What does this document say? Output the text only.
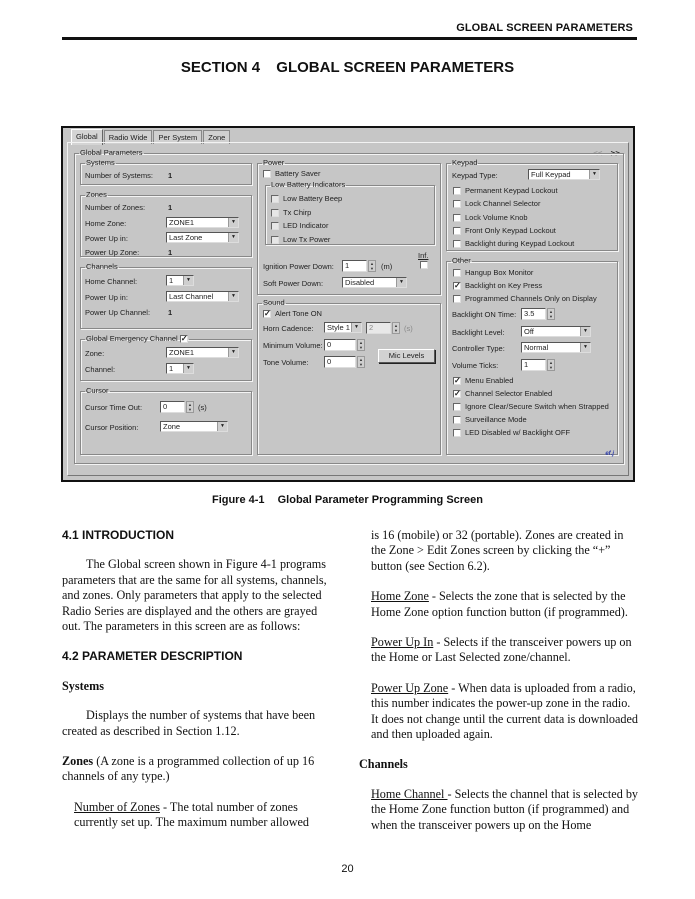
GLOBAL SCREEN PARAMETERS
SECTION 4 GLOBAL SCREEN PARAMETERS
Global	Radio Wide	Per System	Zone
<< >>
Global Parameters
Systems
Number of Systems: 1
Zones
Number of Zones:	1
Home Zone:	ZONE1	▼
Power Up in:	Last Zone	▼
Power Up Zone:	1
Channels
Home Channel:	1	▼
Power Up in:	Last Channel	▼
Power Up Channel: 1
Global Emergency Channel ✓
Zone:	ZONE1	▼
Channel:	1	▼
Cursor
Cursor Time Out:	0	▲
▼ (s)
Cursor Position:	Zone	▼
Power
Battery Saver
Low Battery Indicators
Low Battery Beep
Tx Chirp
LED Indicator
Low Tx Power
Inf.
Ignition Power Down:	1	▲
▼ (m)
Soft Power Down:	Disabled	▼
Sound
✓ Alert Tone ON
Horn Cadence:	Style 1 ▼	2	▲
▼ (s)
Minimum Volume: 0	▲
▼
Tone Volume:	0	▲
▼
Mic Levels
Keypad
Keypad Type:	Full Keypad	▼
Permanent Keypad Lockout
Lock Channel Selector
Lock Volume Knob
Front Only Keypad Lockout
Backlight during Keypad Lockout
Other
Hangup Box Monitor
✓ Backlight on Key Press
Programmed Channels Only on Display
Backlight ON Time:	3.5	▲
▼
Backlight Level:	Off	▼
Controller Type:	Normal	▼
Volume Ticks:	1	▲
▼
✓ Menu Enabled
✓ Channel Selector Enabled
Ignore Clear/Secure Switch when Strapped
Surveillance Mode
LED Disabled w/ Backlight OFF
ef.j
Figure 4-1 Global Parameter Programming Screen
4.1 INTRODUCTION

The Global screen shown in Figure 4-1 programs parameters that are the same for all systems, channels, and zones. Only parameters that apply to the selected Radio Series are displayed and the others are grayed out. The parameters in this screen are as follows:

4.2 PARAMETER DESCRIPTION
Systems

Displays the number of systems that have been created as described in Section 1.12.

Zones (A zone is a programmed collection of up 16 channels of any type.)

Number of Zones - The total number of zones currently set up. The maximum number allowed

is 16 (mobile) or 32 (portable). Zones are created in the Zone > Edit Zones screen by clicking the “+” button (see Section 6.2).

Home Zone - Selects the zone that is selected by the Home Zone option function button (if programmed).

Power Up In - Selects if the transceiver powers up on the Home or Last Selected zone/channel.

Power Up Zone - When data is uploaded from a radio, this number indicates the power-up zone in the radio. It does not change until the current data is downloaded and then uploaded again.

Channels

Home Channel - Selects the channel that is selected by the Home Zone function button (if programmed) and when the transceiver powers up on the Home

20
